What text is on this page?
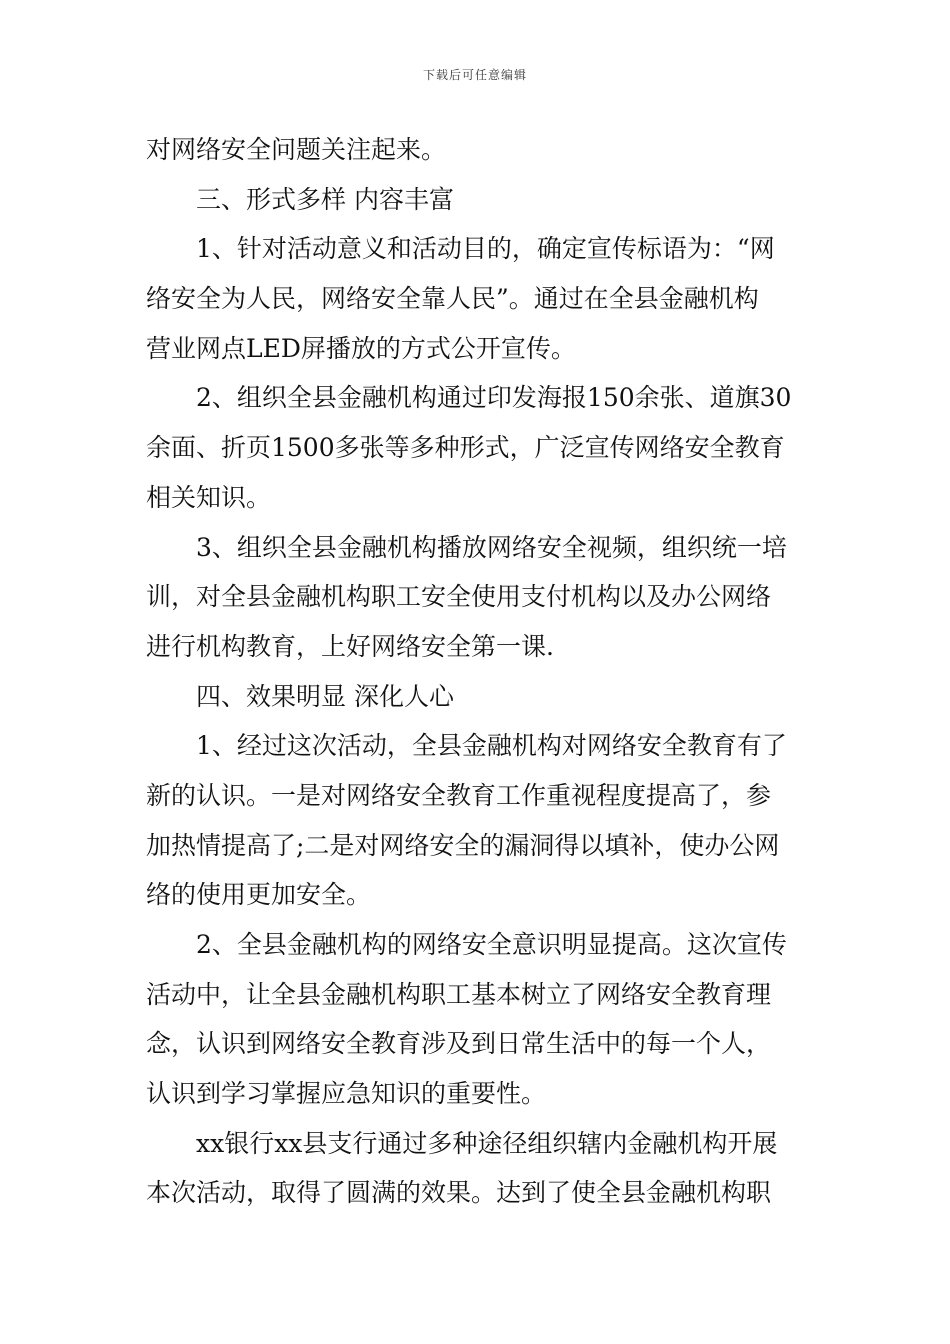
下载后可任意编辑
对网络安全问题关注起来。
三、形式多样 内容丰富
1、针对活动意义和活动目的，确定宣传标语为：“网
络安全为人民，网络安全靠人民”。通过在全县金融机构
营业网点LED屏播放的方式公开宣传。
2、组织全县金融机构通过印发海报150余张、道旗30
余面、折页1500多张等多种形式，广泛宣传网络安全教育
相关知识。
3、组织全县金融机构播放网络安全视频，组织统一培
训，对全县金融机构职工安全使用支付机构以及办公网络
进行机构教育，上好网络安全第一课.
四、效果明显 深化人心
1、经过这次活动，全县金融机构对网络安全教育有了
新的认识。一是对网络安全教育工作重视程度提高了，参
加热情提高了;二是对网络安全的漏洞得以填补，使办公网
络的使用更加安全。
2、全县金融机构的网络安全意识明显提高。这次宣传
活动中，让全县金融机构职工基本树立了网络安全教育理
念，认识到网络安全教育涉及到日常生活中的每一个人，
认识到学习掌握应急知识的重要性。
xx银行xx县支行通过多种途径组织辖内金融机构开展
本次活动，取得了圆满的效果。达到了使全县金融机构职
